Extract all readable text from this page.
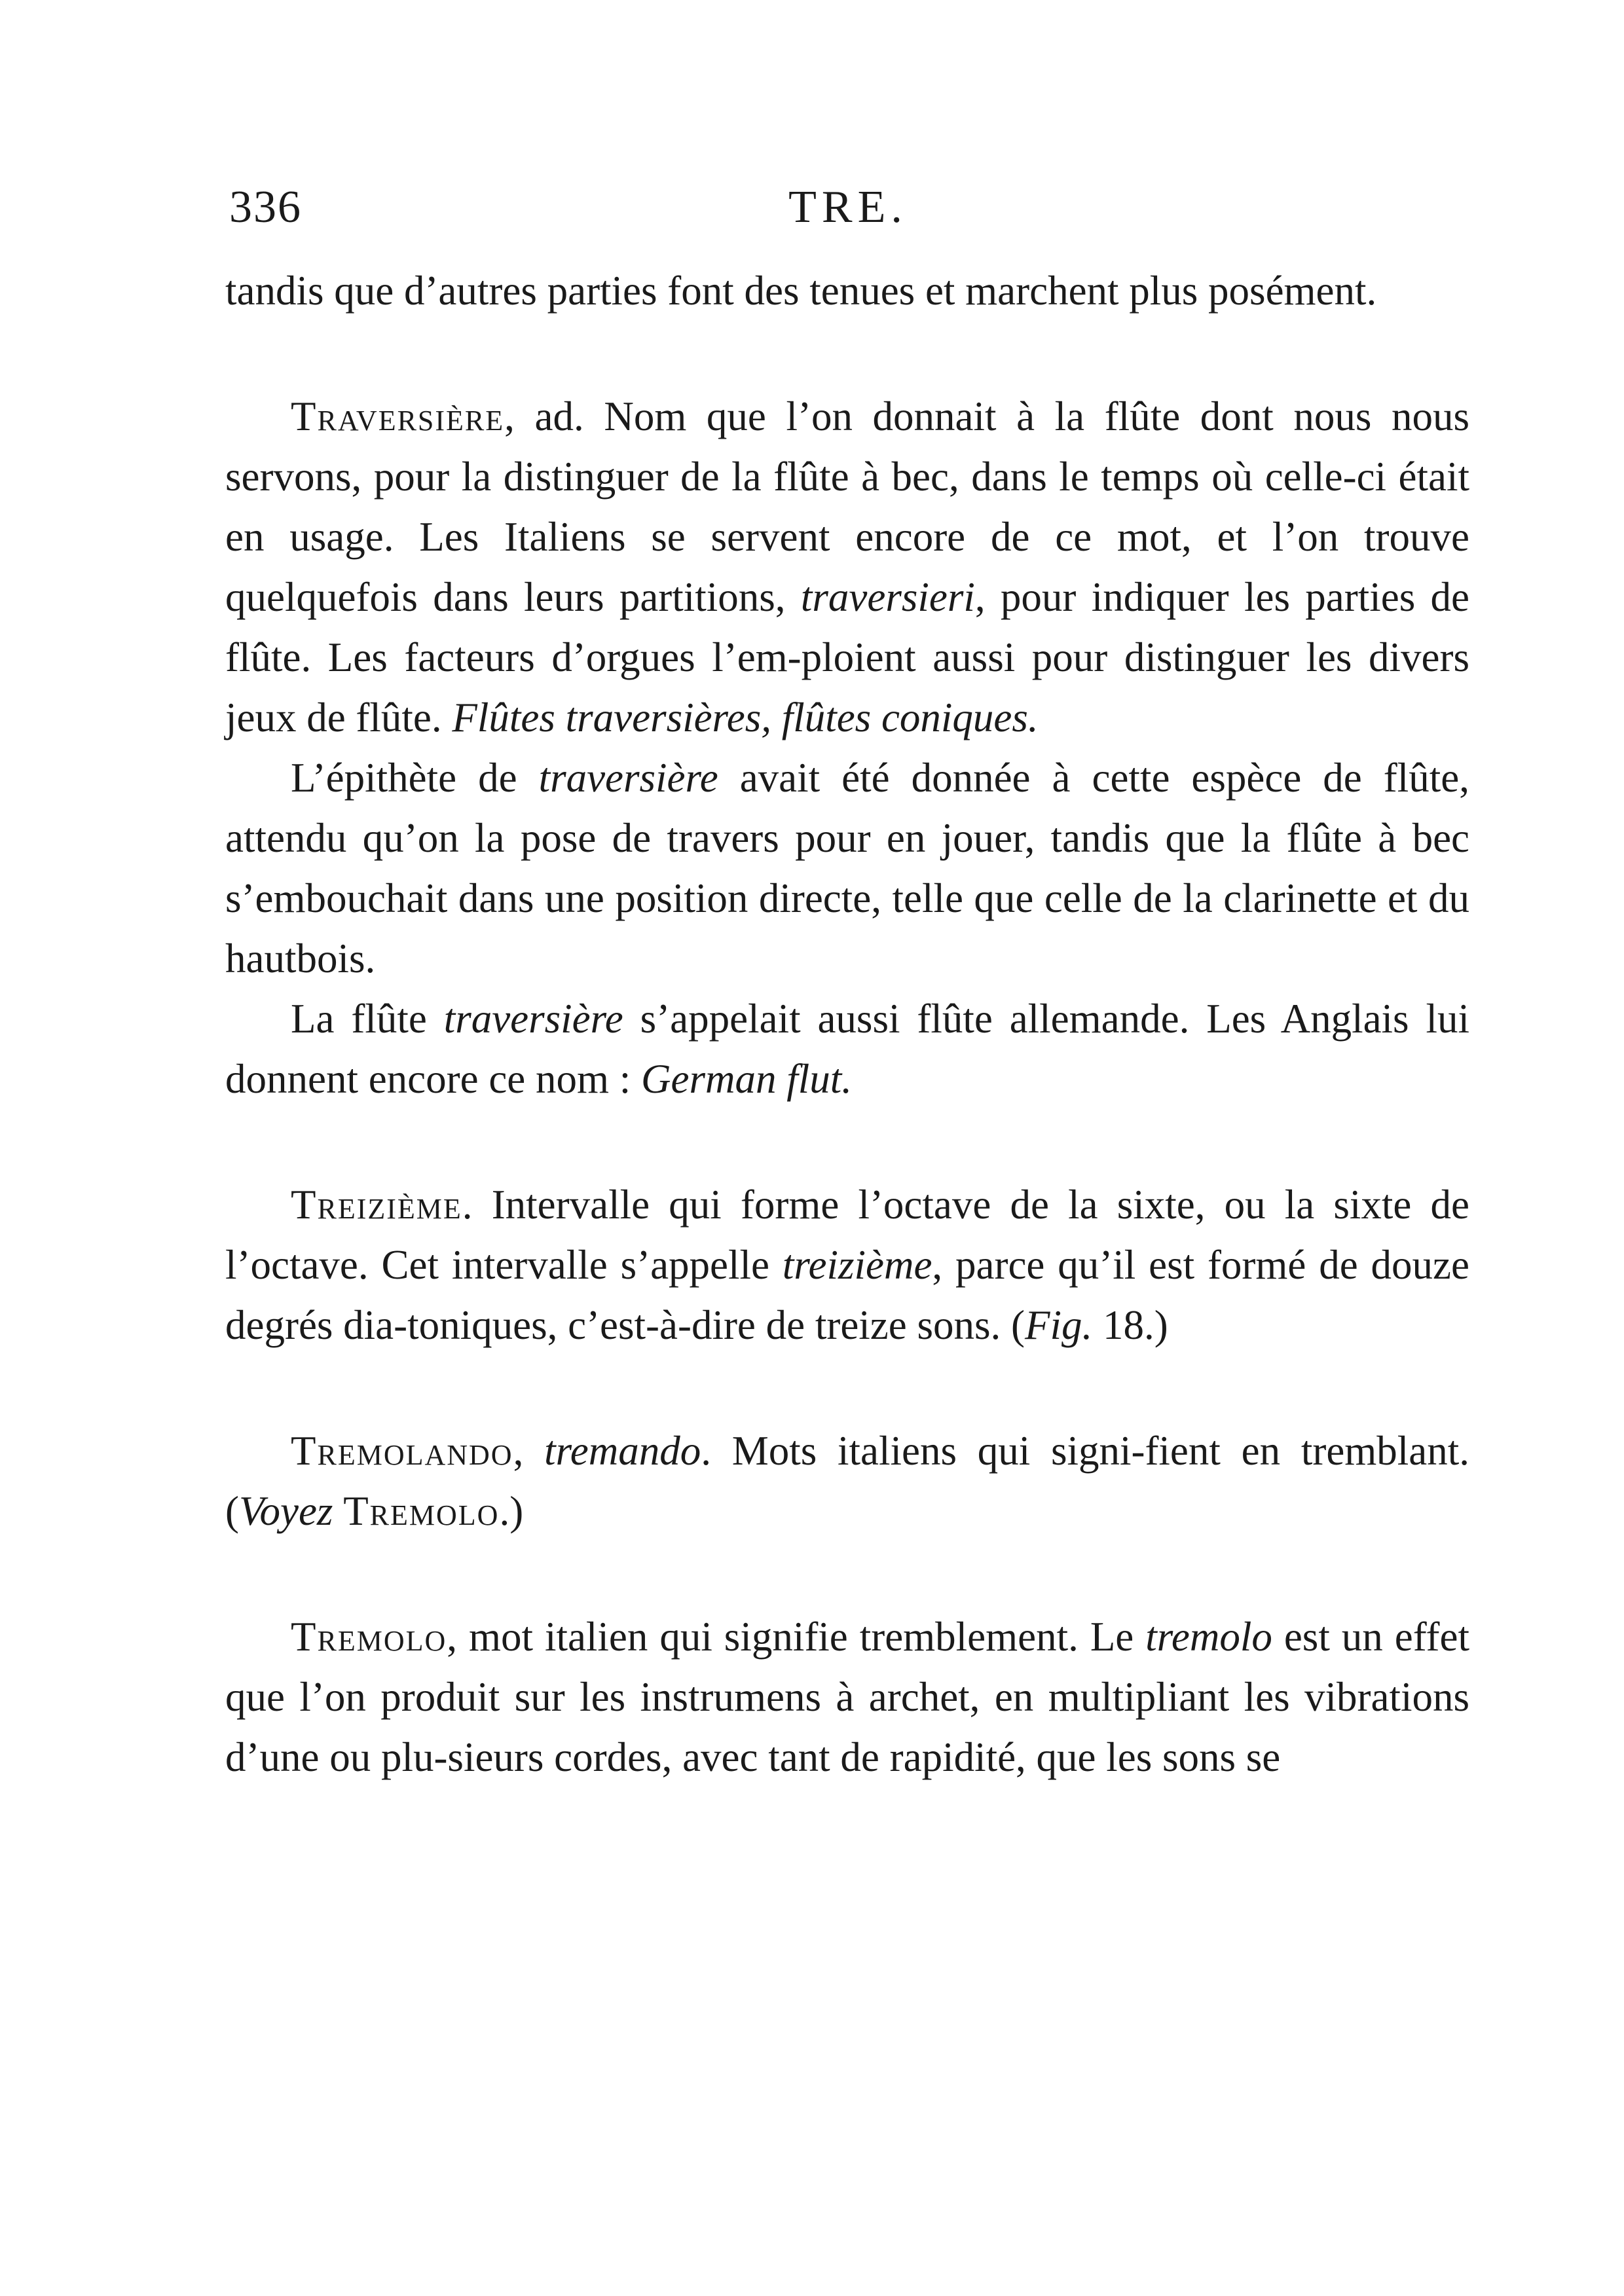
336	TRE.

tandis que d’autres parties font des tenues et marchent plus posément.

Traversière, ad. Nom que l’on donnait à la flûte dont nous nous servons, pour la distinguer de la flûte à bec, dans le temps où celle-ci était en usage. Les Italiens se servent encore de ce mot, et l’on trouve quelquefois dans leurs partitions, traversieri, pour indiquer les parties de flûte. Les facteurs d’orgues l’em-ploient aussi pour distinguer les divers jeux de flûte. Flûtes traversières, flûtes coniques.

L’épithète de traversière avait été donnée à cette espèce de flûte, attendu qu’on la pose de travers pour en jouer, tandis que la flûte à bec s’embouchait dans une position directe, telle que celle de la clarinette et du hautbois.

La flûte traversière s’appelait aussi flûte allemande. Les Anglais lui donnent encore ce nom : German flut.

Treizième. Intervalle qui forme l’octave de la sixte, ou la sixte de l’octave. Cet intervalle s’appelle treizième, parce qu’il est formé de douze degrés dia-toniques, c’est-à-dire de treize sons. (Fig. 18.)

Tremolando, tremando. Mots italiens qui signi-fient en tremblant. (Voyez Tremolo.)

Tremolo, mot italien qui signifie tremblement. Le tremolo est un effet que l’on produit sur les instrumens à archet, en multipliant les vibrations d’une ou plu-sieurs cordes, avec tant de rapidité, que les sons se
